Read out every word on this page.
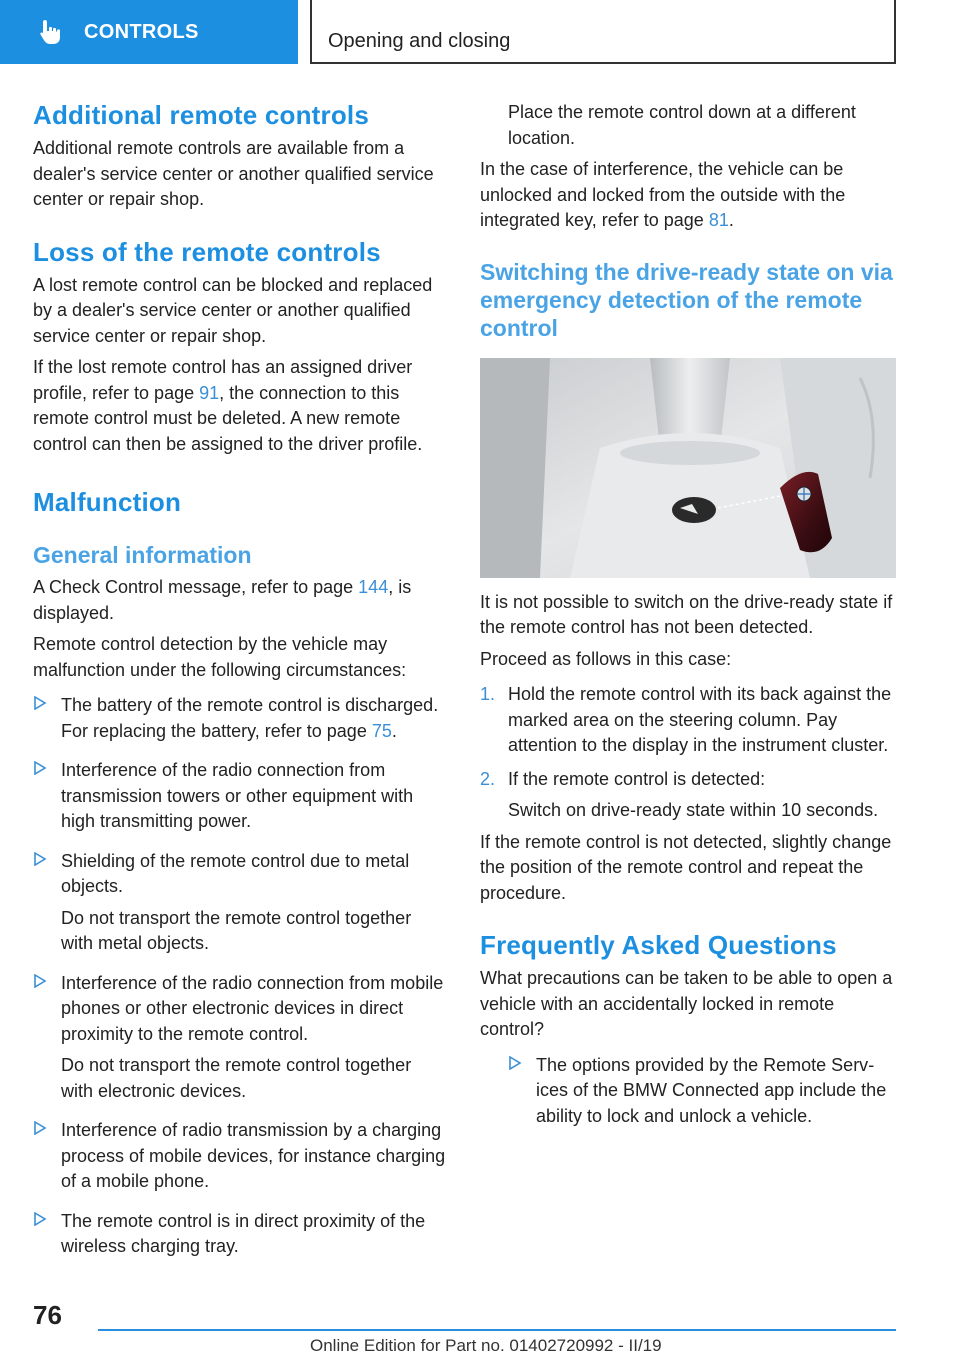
CONTROLS	Opening and closing
Additional remote controls

Additional remote controls are available from a dealer's service center or another qualified service center or repair shop.

Loss of the remote controls

A lost remote control can be blocked and replaced by a dealer's service center or another qualified service center or repair shop.

If the lost remote control has an assigned driver profile, refer to page 91, the connection to this remote control must be deleted. A new remote control can then be assigned to the driver profile.

Malfunction
General information

A Check Control message, refer to page 144, is displayed.

Remote control detection by the vehicle may malfunction under the following circumstances:

The battery of the remote control is discharged. For replacing the battery, refer to page 75.

Interference of the radio connection from transmission towers or other equipment with high transmitting power.

Shielding of the remote control due to metal objects.

Do not transport the remote control together with metal objects.

Interference of the radio connection from mobile phones or other electronic devices in direct proximity to the remote control.

Do not transport the remote control together with electronic devices.

Interference of radio transmission by a charging process of mobile devices, for instance charging of a mobile phone.

The remote control is in direct proximity of the wireless charging tray.

Place the remote control down at a different location.

In the case of interference, the vehicle can be unlocked and locked from the outside with the integrated key, refer to page 81.

Switching the drive-ready state on via emergency detection of the remote control

It is not possible to switch on the drive-ready state if the remote control has not been detected.

Proceed as follows in this case:

1. Hold the remote control with its back against the marked area on the steering column. Pay attention to the display in the instrument cluster.

2. If the remote control is detected:

Switch on drive-ready state within 10 seconds.

If the remote control is not detected, slightly change the position of the remote control and repeat the procedure.

Frequently Asked Questions

What precautions can be taken to be able to open a vehicle with an accidentally locked in remote control?

The options provided by the Remote Services of the BMW Connected app include the ability to lock and unlock a vehicle.

76
Online Edition for Part no. 01402720992 - II/19
